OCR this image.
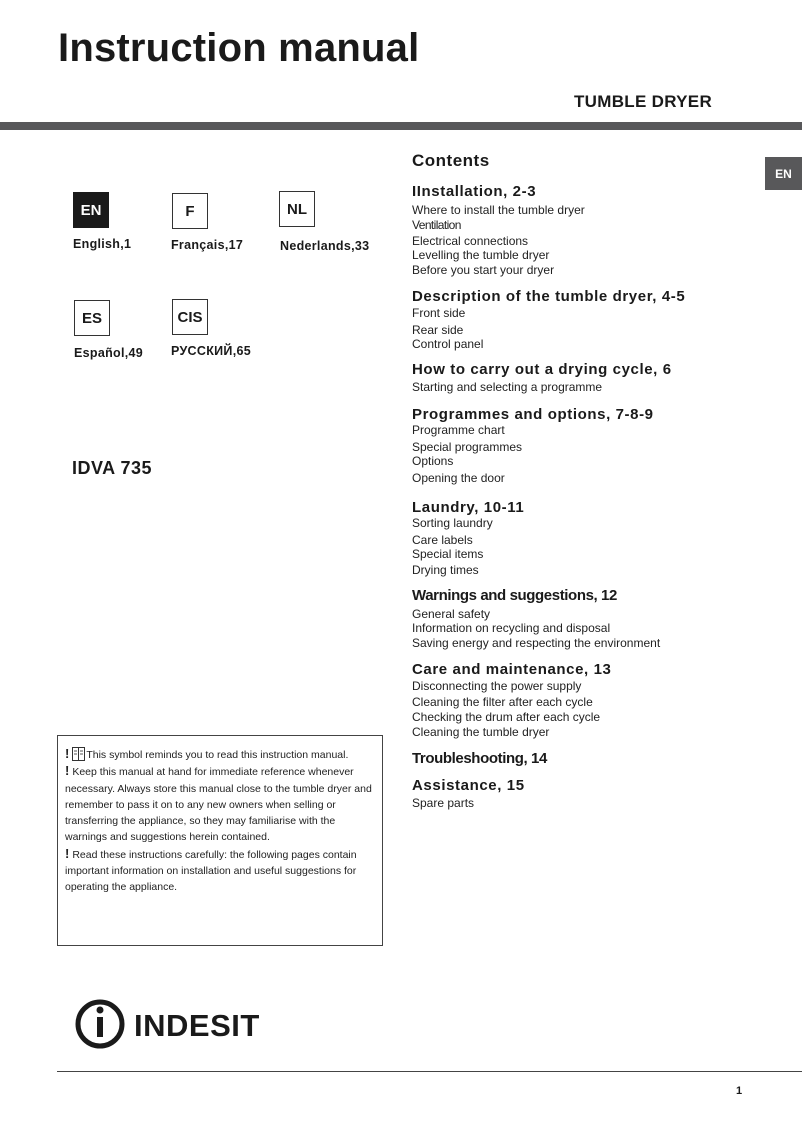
Instruction manual
TUMBLE DRYER
EN
EN
English,1
F
Français,17
NL
Nederlands,33
ES
Español,49
CIS
РУССКИЙ,65
IDVA 735
Contents
IInstallation, 2-3
Where to install the tumble dryer
Ventilation
Electrical connections
Levelling the tumble dryer
Before you start your dryer
Description of the tumble dryer, 4-5
Front side
Rear side
Control panel
How to carry out a drying cycle, 6
Starting and selecting a programme
Programmes and options, 7-8-9
Programme chart
Special programmes
Options
Opening the door
Laundry, 10-11
Sorting laundry
Care labels
Special items
Drying times
Warnings and suggestions, 12
General safety
Information on recycling and disposal
Saving energy and respecting the environment
Care and maintenance, 13
Disconnecting the power supply
Cleaning the filter after each cycle
Checking the drum after each cycle
Cleaning the tumble dryer
Troubleshooting, 14
Assistance, 15
Spare parts

! This symbol reminds you to read this instruction manual.

! Keep this manual at hand for immediate reference whenever necessary. Always store this manual close to the tumble dryer and remember to pass it on to any new owners when selling or transferring the appliance, so they may familiarise with the warnings and suggestions herein contained.

! Read these instructions carefully: the following pages contain important information on installation and useful suggestions for operating the appliance.

INDESIT
1
